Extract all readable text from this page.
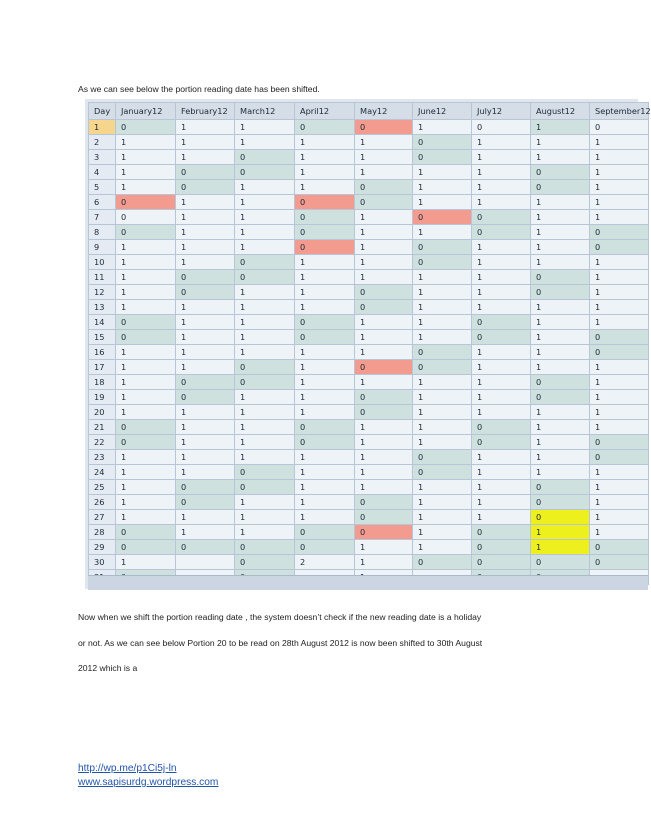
As we can see below the portion reading date has been shifted.
Day	January12	February12	March12	April12	May12	June12	July12	August12	September12
1	0	1	1	0	0	1	0	1	0
2	1	1	1	1	1	0	1	1	1
3	1	1	0	1	1	0	1	1	1
4	1	0	0	1	1	1	1	0	1
5	1	0	1	1	0	1	1	0	1
6	0	1	1	0	0	1	1	1	1
7	0	1	1	0	1	0	0	1	1
8	0	1	1	0	1	1	0	1	0
9	1	1	1	0	1	0	1	1	0
10	1	1	0	1	1	0	1	1	1
11	1	0	0	1	1	1	1	0	1
12	1	0	1	1	0	1	1	0	1
13	1	1	1	1	0	1	1	1	1
14	0	1	1	0	1	1	0	1	1
15	0	1	1	0	1	1	0	1	0
16	1	1	1	1	1	0	1	1	0
17	1	1	0	1	0	0	1	1	1
18	1	0	0	1	1	1	1	0	1
19	1	0	1	1	0	1	1	0	1
20	1	1	1	1	0	1	1	1	1
21	0	1	1	0	1	1	0	1	1
22	0	1	1	0	1	1	0	1	0
23	1	1	1	1	1	0	1	1	0
24	1	1	0	1	1	0	1	1	1
25	1	0	0	1	1	1	1	0	1
26	1	0	1	1	0	1	1	0	1
27	1	1	1	1	0	1	1	0	1
28	0	1	1	0	0	1	0	1	1
29	0	0	0	0	1	1	0	1	0
30	1		0	2	1	0	0	0	0

Now when we shift the portion reading date , the system doesn’t check if the new reading date is a holiday
or not. As we can see below Portion 20 to be read on 28th August 2012 is now been shifted to 30th August
2012 which is a
http://wp.me/p1Ci5j-ln
www.sapisurdg.wordpress.com
